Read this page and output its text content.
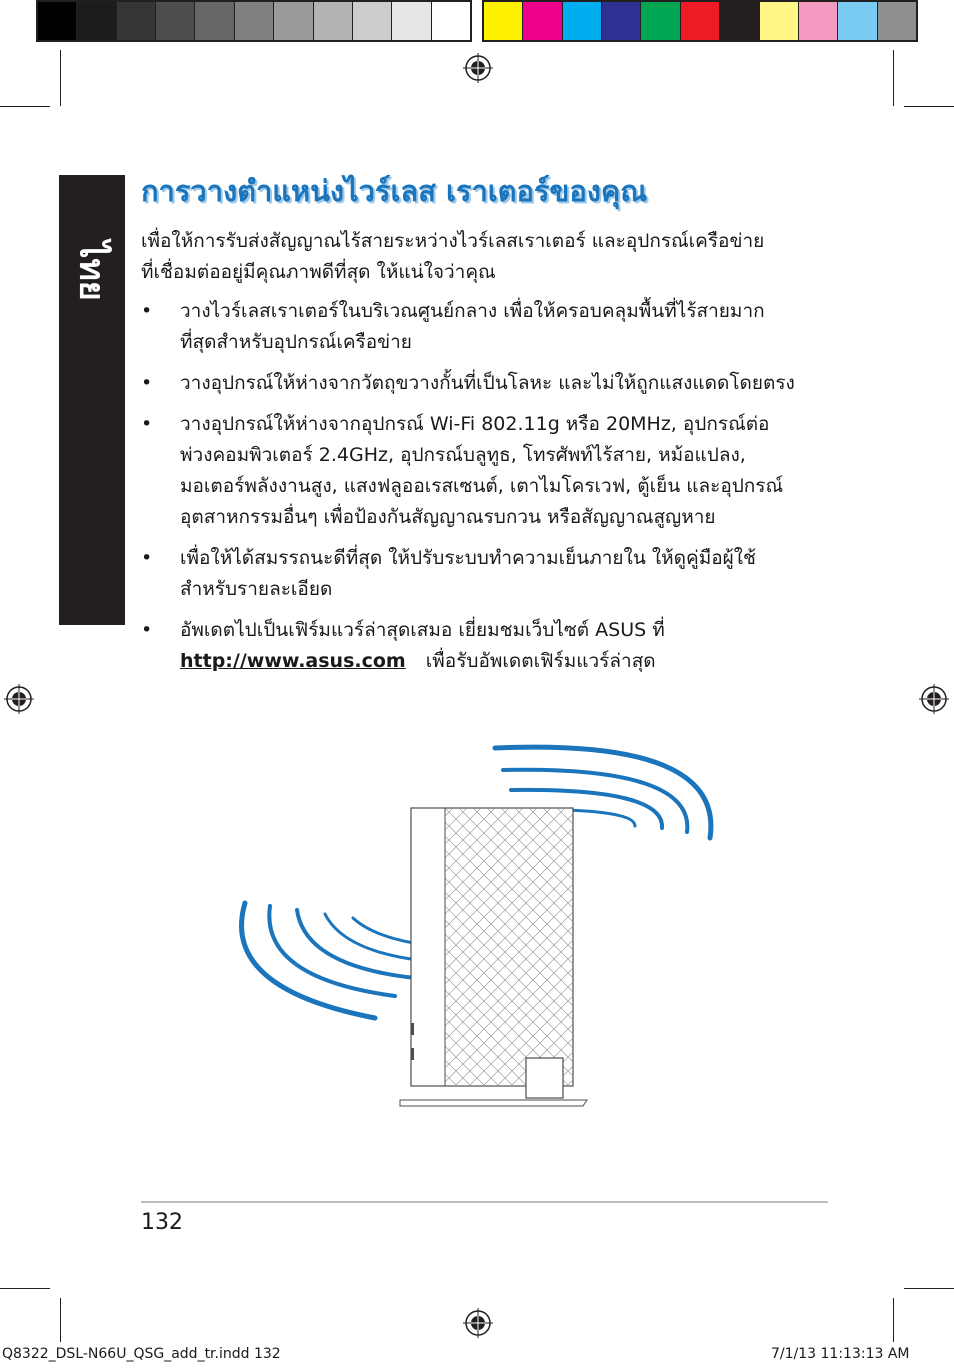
ไทย
การวางตำแหน่งไวร์เลส เราเตอร์ของคุณ
เพื่อให้การรับส่งสัญญาณไร้สายระหว่างไวร์เลสเราเตอร์ และอุปกรณ์เครือข่าย
ที่เชื่อมต่ออยู่มีคุณภาพดีที่สุด ให้แน่ใจว่าคุณ
•	วางไวร์เลสเราเตอร์ในบริเวณศูนย์กลาง เพื่อให้ครอบคลุมพื้นที่ไร้สายมาก
ที่สุดสำหรับอุปกรณ์เครือข่าย
•	วางอุปกรณ์ให้ห่างจากวัตถุขวางกั้นที่เป็นโลหะ และไม่ให้ถูกแสงแดดโดยตรง
•	วางอุปกรณ์ให้ห่างจากอุปกรณ์ Wi-Fi 802.11g หรือ 20MHz, อุปกรณ์ต่อ
พ่วงคอมพิวเตอร์ 2.4GHz, อุปกรณ์บลูทูธ, โทรศัพท์ไร้สาย, หม้อแปลง,
มอเตอร์พลังงานสูง, แสงฟลูออเรสเซนต์, เตาไมโครเวฟ, ตู้เย็น และอุปกรณ์
อุตสาหกรรมอื่นๆ เพื่อป้องกันสัญญาณรบกวน หรือสัญญาณสูญหาย
•	เพื่อให้ได้สมรรถนะดีที่สุด ให้ปรับระบบทำความเย็นภายใน ให้ดูคู่มือผู้ใช้
สำหรับรายละเอียด
•	อัพเดตไปเป็นเฟิร์มแวร์ล่าสุดเสมอ เยี่ยมชมเว็บไซต์ ASUS ที่
http://www.asus.com เพื่อรับอัพเดตเฟิร์มแวร์ล่าสุด
132
Q8322_DSL-N66U_QSG_add_tr.indd 132	7/1/13 11:13:13 AM
